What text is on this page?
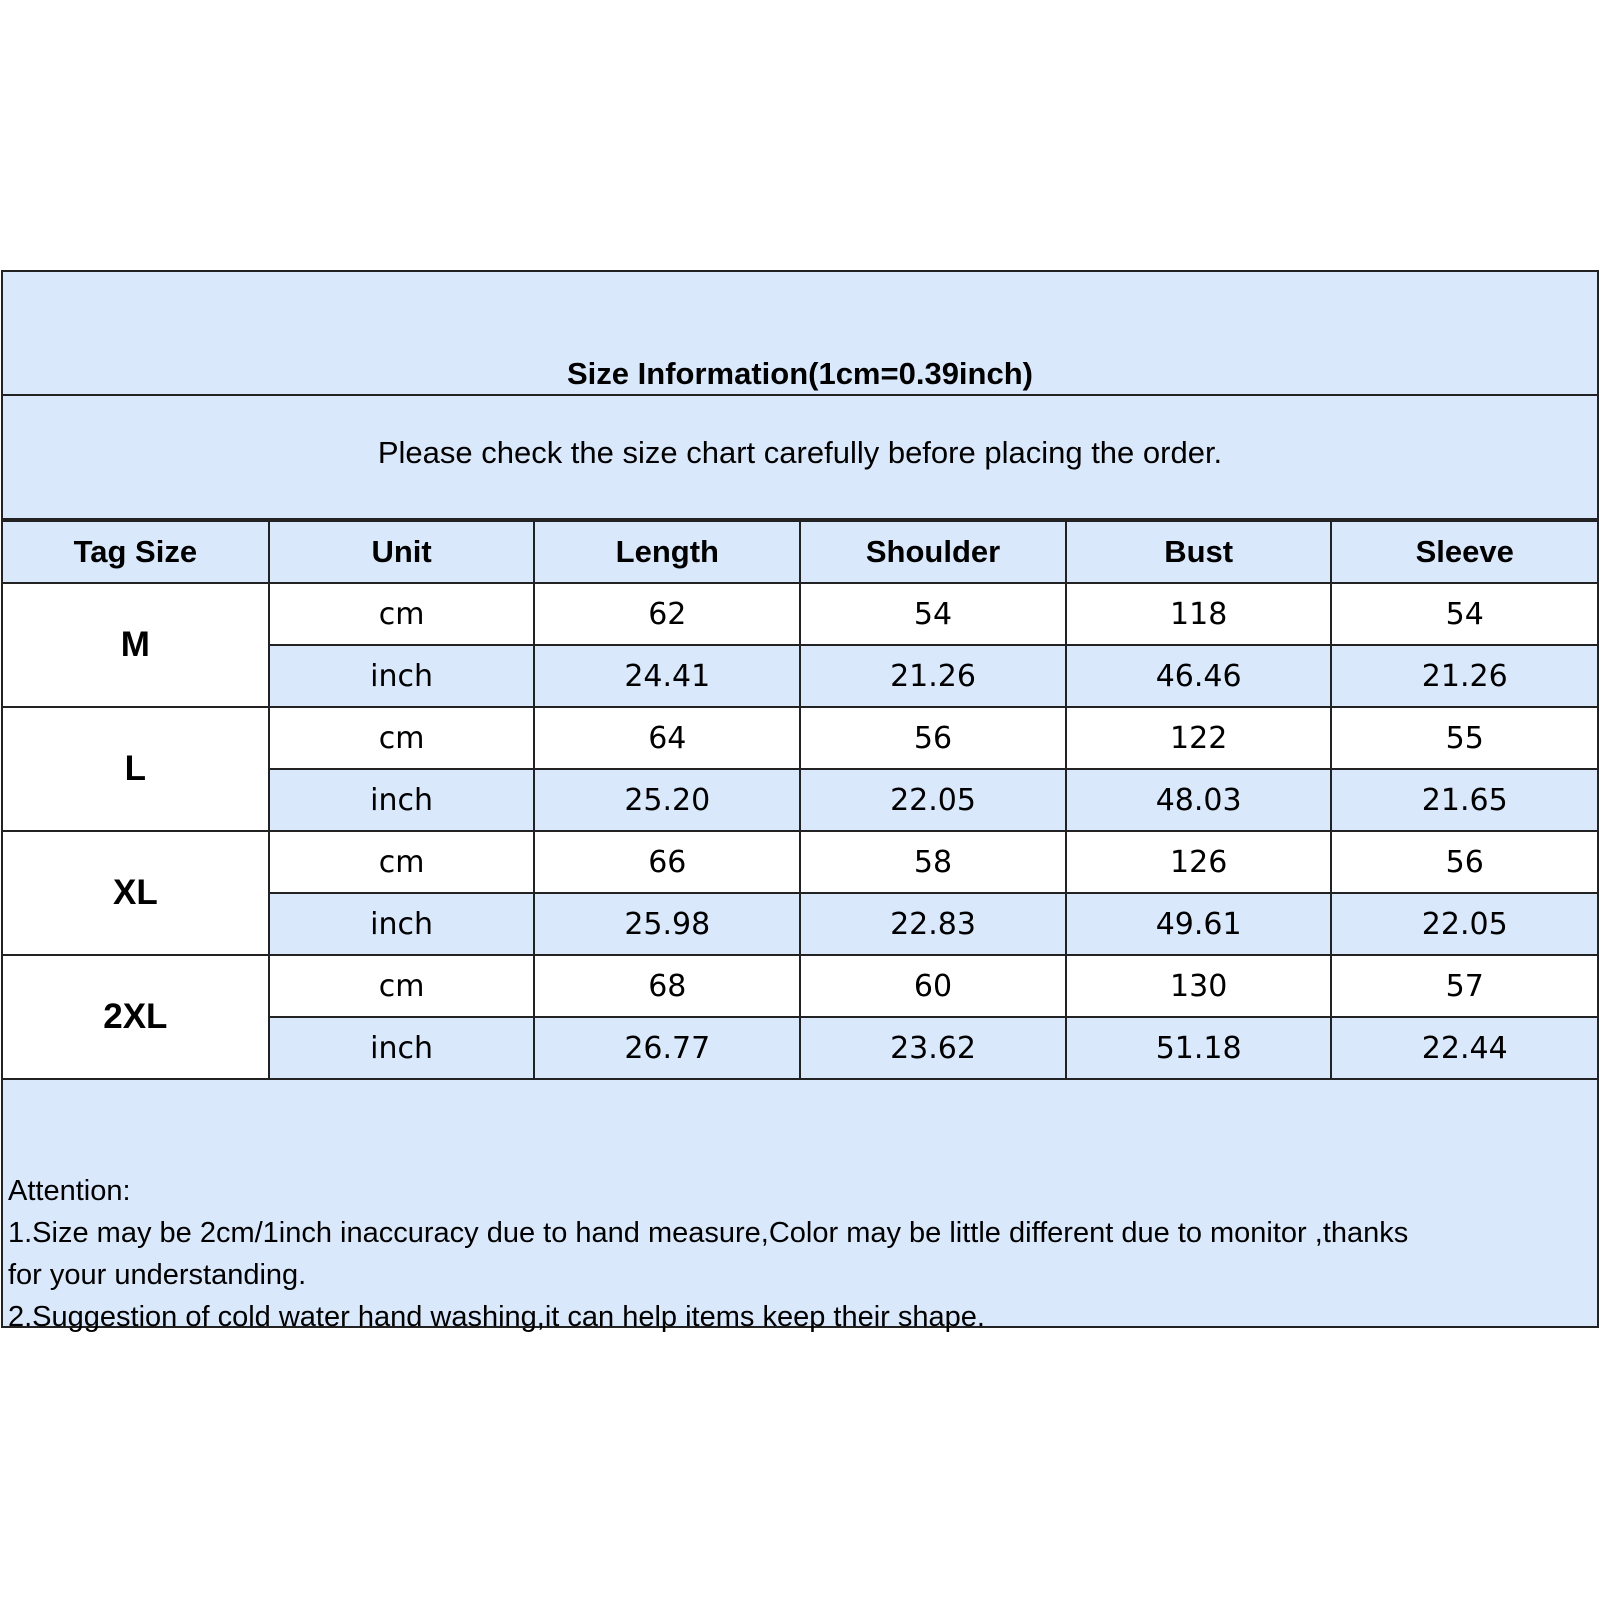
Size Information(1cm=0.39inch)
Please check the size chart carefully before placing the order.
Tag Size	Unit	Length	Shoulder	Bust	Sleeve
M	cm	62	54	118	54
	inch	24.41	21.26	46.46	21.26
L	cm	64	56	122	55
	inch	25.20	22.05	48.03	21.65
XL	cm	66	58	126	56
	inch	25.98	22.83	49.61	22.05
2XL	cm	68	60	130	57
	inch	26.77	23.62	51.18	22.44
Attention:
1.Size may be 2cm/1inch inaccuracy due to hand measure,Color may be little different due to monitor ,thanks
for your understanding.
2.Suggestion of cold water hand washing,it can help items keep their shape.
